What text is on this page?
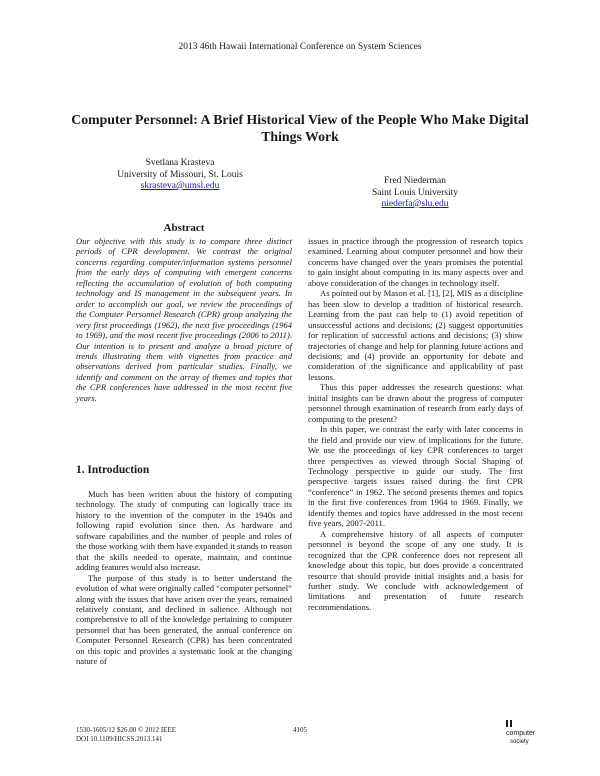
2013 46th Hawaii International Conference on System Sciences
Computer Personnel: A Brief Historical View of the People Who Make Digital Things Work
Svetlana Krasteva
University of Missouri, St. Louis
skrasteva@umsl.edu	Fred Niederman
Saint Louis University
niederfa@slu.edu
Abstract

Our objective with this study is to compare three distinct periods of CPR development. We contrast the original concerns regarding computer/information systems personnel from the early days of computing with emergent concerns reflecting the accumulation of evolution of both computing technology and IS management in the subsequent years. In order to accomplish our goal, we review the proceedings of the Computer Personnel Research (CPR) group analyzing the very first proceedings (1962), the next five proceedings (1964 to 1969), and the most recent five proceedings (2006 to 2011). Our intention is to present and analyze a broad picture of trends illustrating them with vignettes from practice and observations derived from particular studies. Finally, we identify and comment on the array of themes and topics that the CPR conferences have addressed in the most recent five years.

1. Introduction

Much has been written about the history of computing technology. The study of computing can logically trace its history to the invention of the computer in the 1940s and following rapid evolution since then. As hardware and software capabilities and the number of people and roles of the those working with them have expanded it stands to reason that the skills needed to operate, maintain, and continue adding features would also increase.

The purpose of this study is to better understand the evolution of what were originally called “computer personnel” along with the issues that have arisen over the years, remained relatively constant, and declined in salience. Although not comprehensive to all of the knowledge pertaining to computer personnel that has been generated, the annual conference on Computer Personnel Research (CPR) has been concentrated on this topic and provides a systematic look at the changing nature of

issues in practice through the progression of research topics examined. Learning about computer personnel and how their concerns have changed over the years promises the potential to gain insight about computing in its many aspects over and above consideration of the changes in technology itself.

As pointed out by Mason et al. [1], [2], MIS as a discipline has been slow to develop a tradition of historical research. Learning from the past can help to (1) avoid repetition of unsuccessful actions and decisions; (2) suggest opportunities for replication of successful actions and decisions; (3) show trajectories of change and help for planning future actions and decisions; and (4) provide an opportunity for debate and consideration of the significance and applicability of past lessons.

Thus this paper addresses the research questions: what initial insights can be drawn about the progress of computer personnel through examination of research from early days of computing to the present?

In this paper, we contrast the early with later concerns in the field and provide our view of implications for the future. We use the proceedings of key CPR conferences to target three perspectives as viewed through Social Shaping of Technology perspective to guide our study. The first perspective targets issues raised during the first CPR “conference” in 1962. The second presents themes and topics in the first five conferences from 1964 to 1969. Finally, we identify themes and topics have addressed in the most recent five years, 2007-2011.

A comprehensive history of all aspects of computer personnel is beyond the scope of any one study. It is recognized that the CPR conference does not represent all knowledge about this topic, but does provide a concentrated resource that should provide initial insights and a basis for further study. We conclude with acknowledgement of limitations and presentation of future research recommendations.

1530-1605/12 $26.00 © 2012 IEEE
DOI 10.1109/HICSS.2013.141
4105	computer
society
